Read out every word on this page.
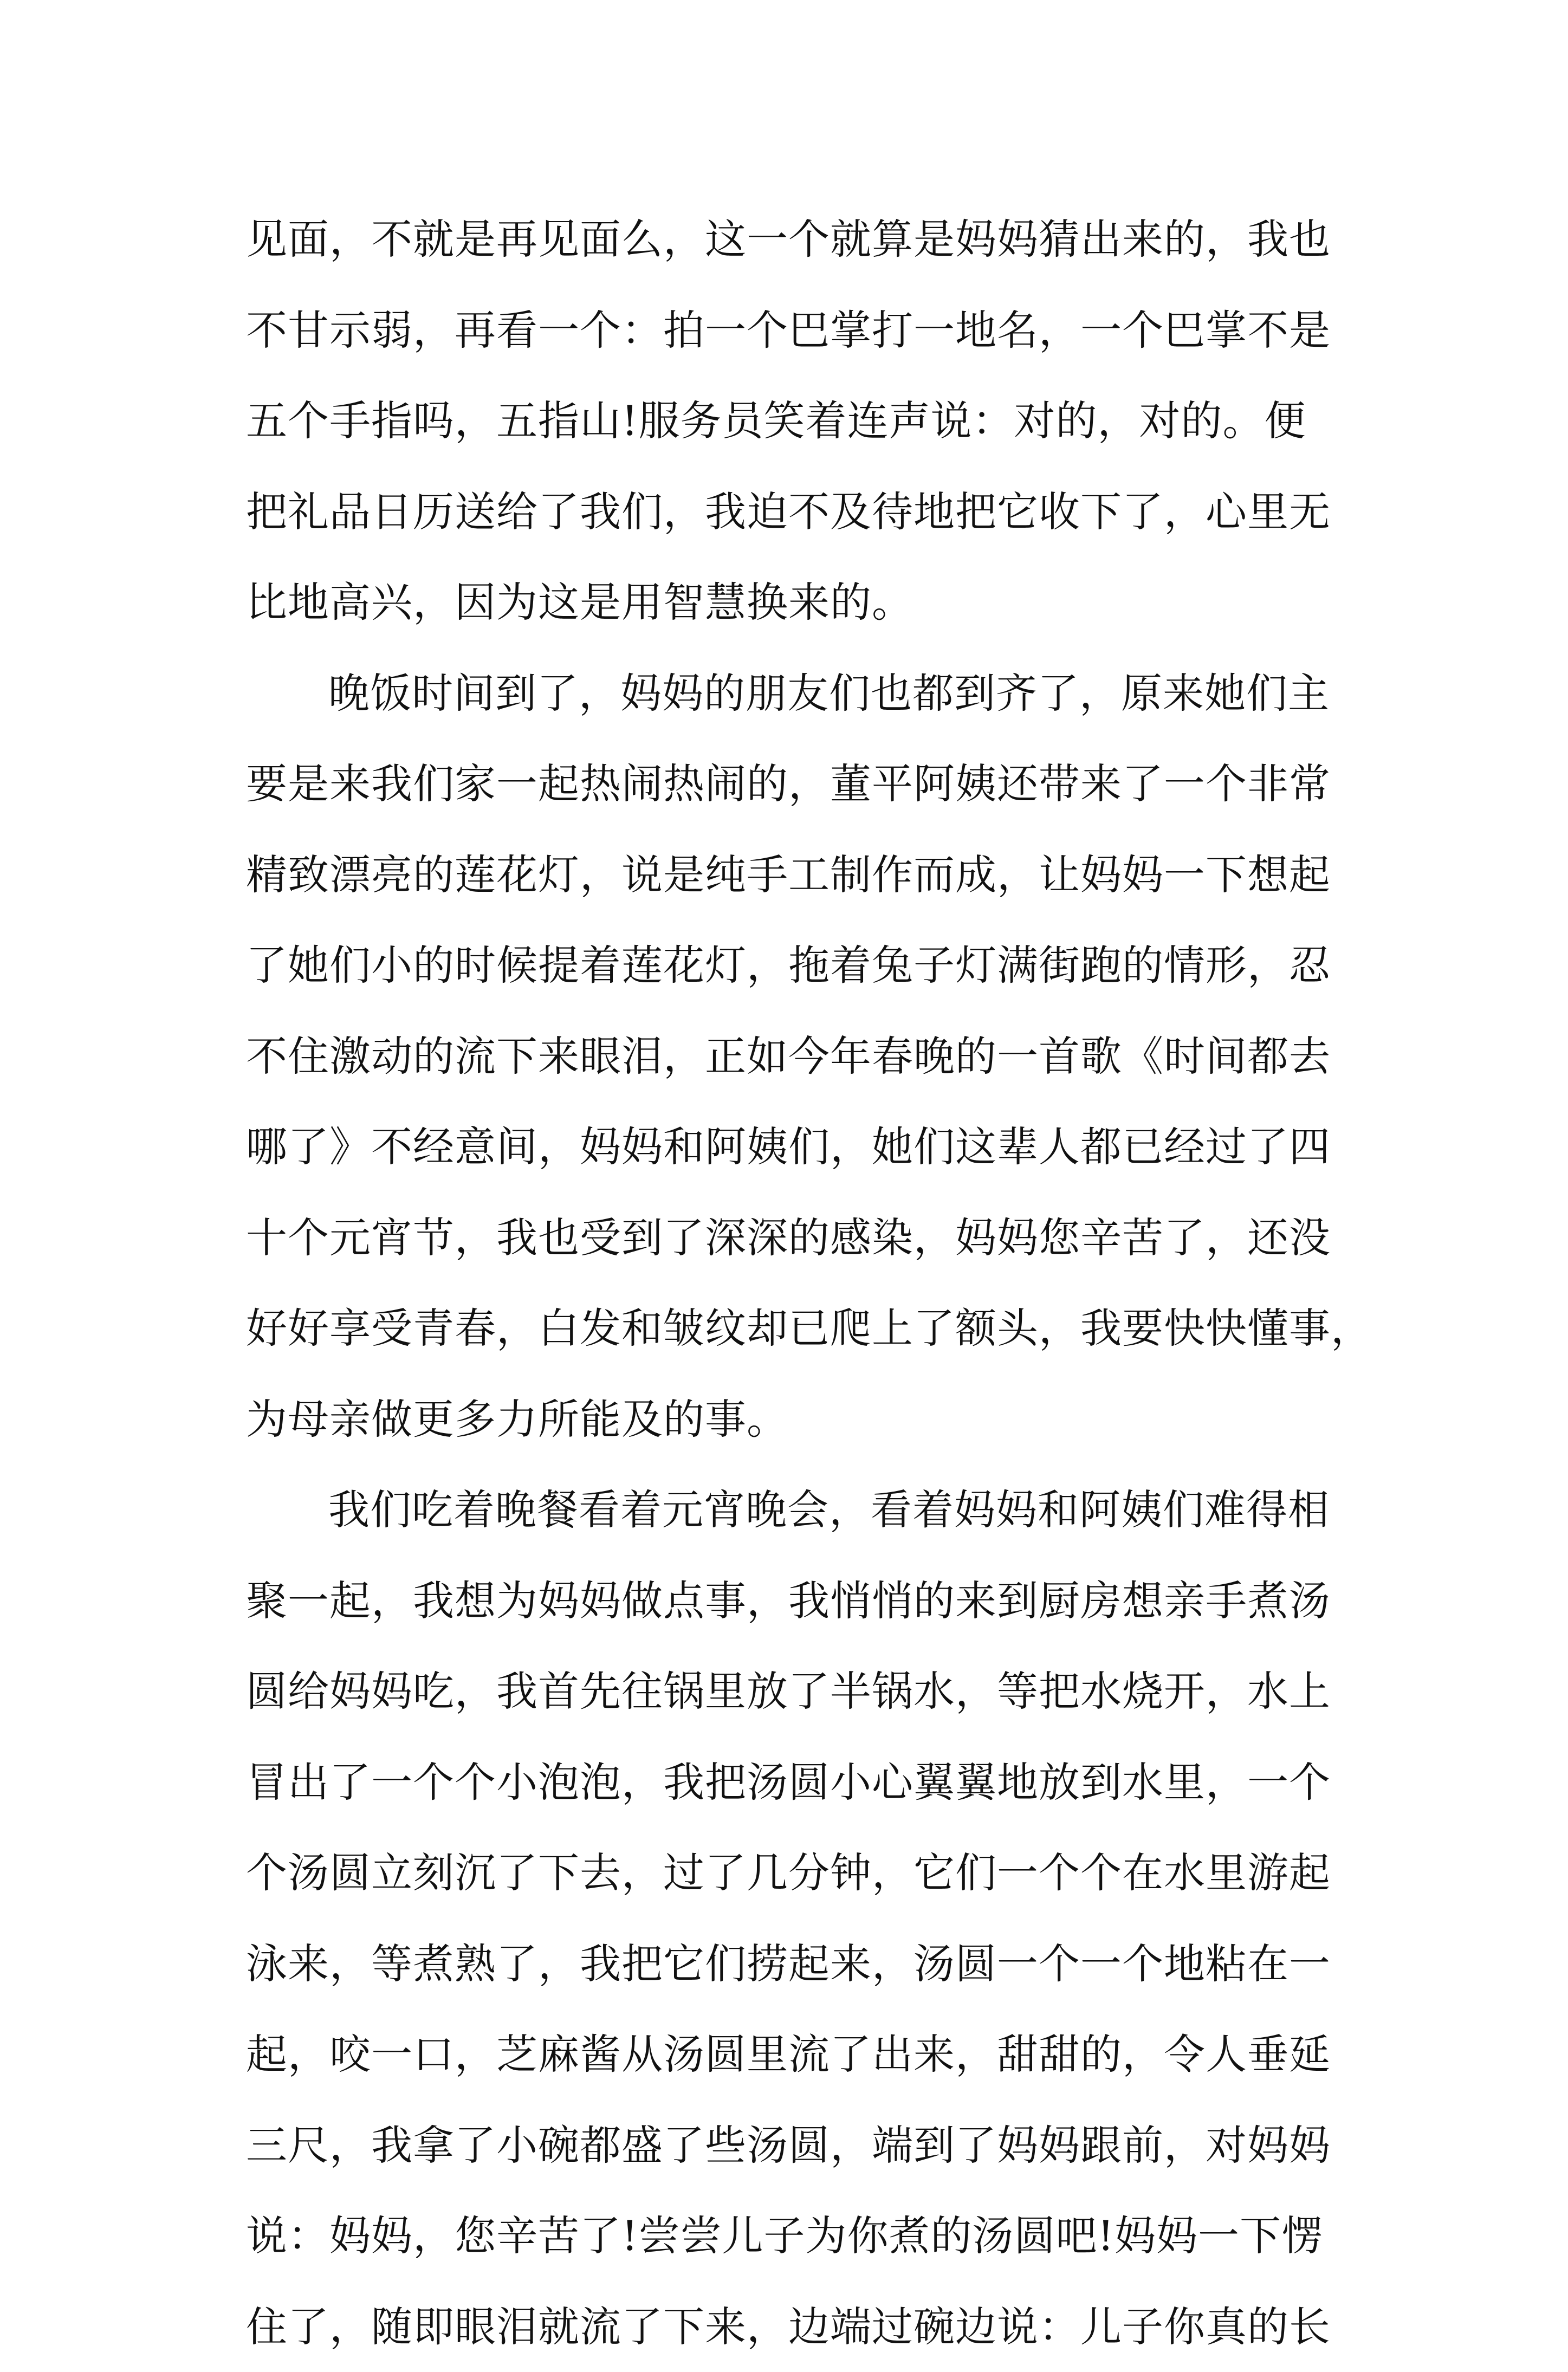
见面，不就是再见面么，这一个就算是妈妈猜出来的，我也
不甘示弱，再看一个：拍一个巴掌打一地名，一个巴掌不是
五个手指吗，五指山!服务员笑着连声说：对的，对的。便
把礼品日历送给了我们，我迫不及待地把它收下了，心里无
比地高兴，因为这是用智慧换来的。
晚饭时间到了，妈妈的朋友们也都到齐了，原来她们主
要是来我们家一起热闹热闹的，董平阿姨还带来了一个非常
精致漂亮的莲花灯，说是纯手工制作而成，让妈妈一下想起
了她们小的时候提着莲花灯，拖着兔子灯满街跑的情形，忍
不住激动的流下来眼泪，正如今年春晚的一首歌《时间都去
哪了》不经意间，妈妈和阿姨们，她们这辈人都已经过了四
十个元宵节，我也受到了深深的感染，妈妈您辛苦了，还没
好好享受青春，白发和皱纹却已爬上了额头，我要快快懂事，
为母亲做更多力所能及的事。
我们吃着晚餐看着元宵晚会，看着妈妈和阿姨们难得相
聚一起，我想为妈妈做点事，我悄悄的来到厨房想亲手煮汤
圆给妈妈吃，我首先往锅里放了半锅水，等把水烧开，水上
冒出了一个个小泡泡，我把汤圆小心翼翼地放到水里，一个
个汤圆立刻沉了下去，过了几分钟，它们一个个在水里游起
泳来，等煮熟了，我把它们捞起来，汤圆一个一个地粘在一
起，咬一口，芝麻酱从汤圆里流了出来，甜甜的，令人垂延
三尺，我拿了小碗都盛了些汤圆，端到了妈妈跟前，对妈妈
说：妈妈，您辛苦了!尝尝儿子为你煮的汤圆吧!妈妈一下愣
住了，随即眼泪就流了下来，边端过碗边说：儿子你真的长
